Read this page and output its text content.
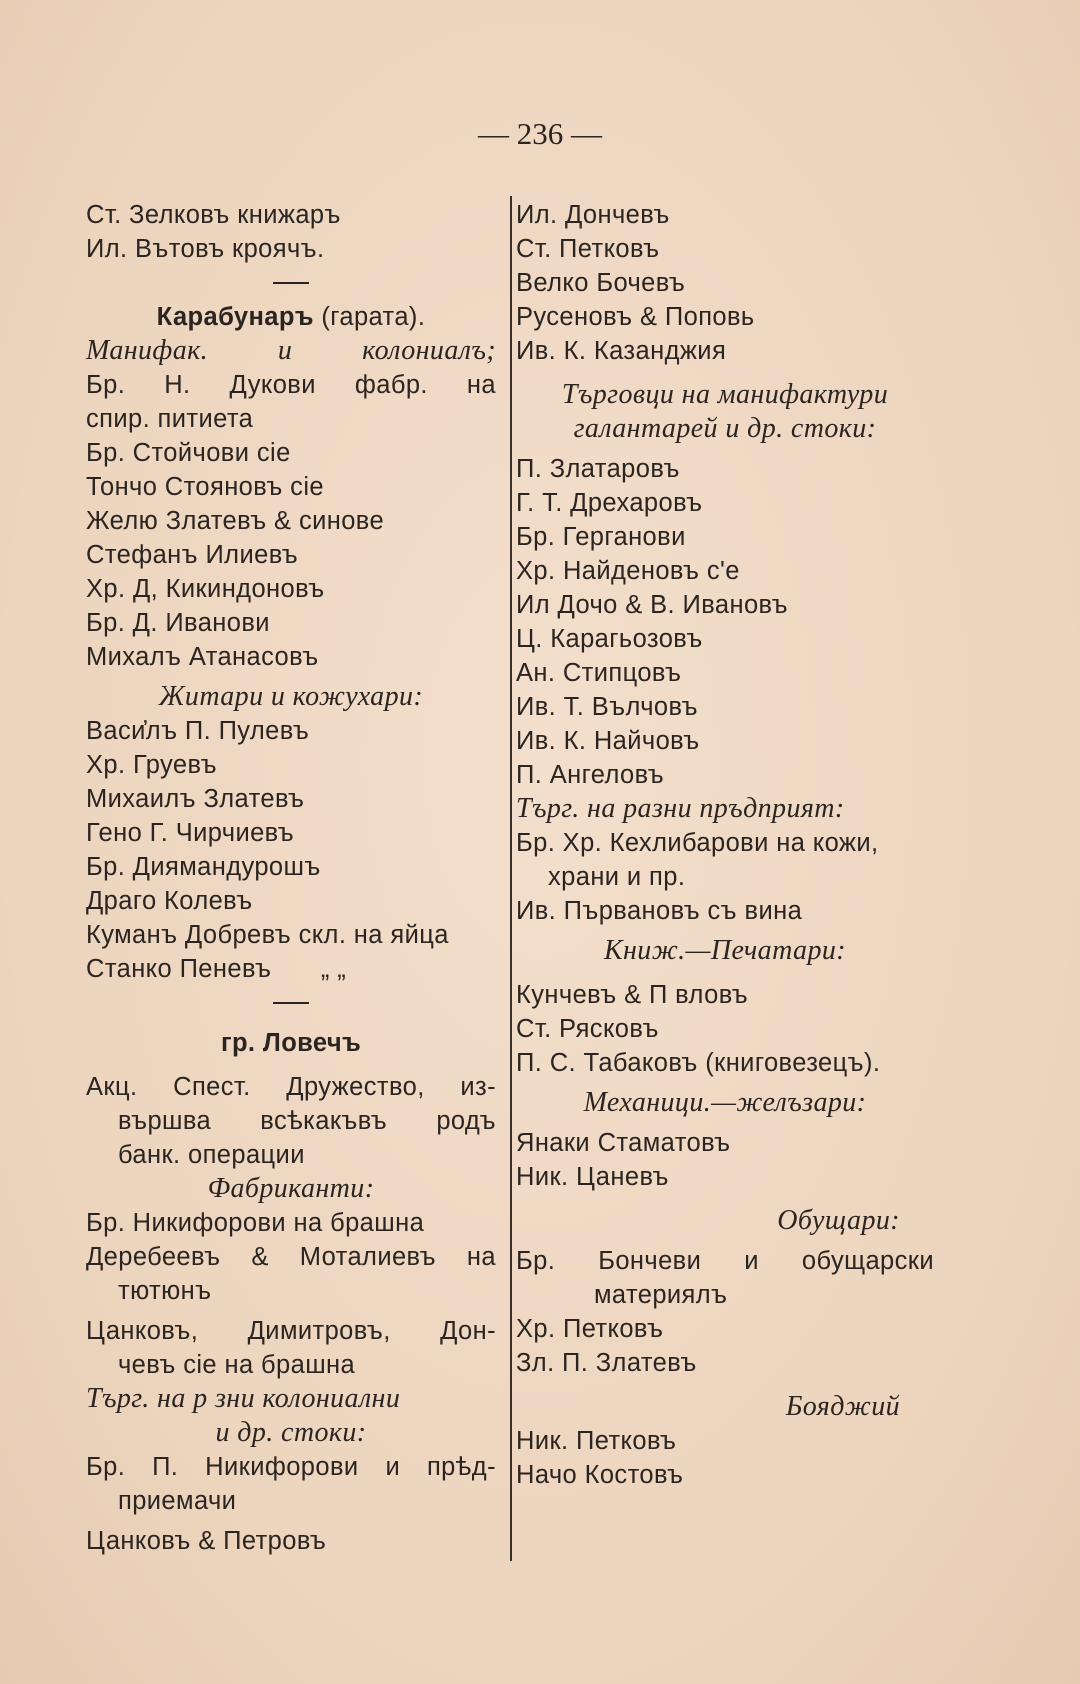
— 236 —
Ст. Зелковъ книжаръ
Ил. Вътовъ кроячъ.
Карабунаръ (гарата).
Манифак. и колониалъ;
Бр. Н. Дукови фабр. на
спир. питиета
Бр. Стойчови сіе
Тончо Стояновъ сіе
Желю Златевъ & синове
Стефанъ Илиевъ
Хр. Д, Кикиндоновъ
Бр. Д. Иванови
Михалъ Атанасовъ
Житари и кожухари:
Васи҆лъ П. Пулевъ
Хр. Груевъ
Михаилъ Златевъ
Гено Г. Чирчиевъ
Бр. Диямандурошъ
Драго Колевъ
Куманъ Добревъ скл. на яйца
Станко Пеневъ „ „
гр. Ловечъ
Акц. Спест. Дружество, из-
вършва всѣкакъвъ родъ
банк. операции
Фабриканти:
Бр. Никифорови на брашна
Деребеевъ & Моталиевъ на
тютюнъ
Цанковъ, Димитровъ, Дон-
чевъ сіе на брашна
Търг. на р зни колониални
и др. стоки:
Бр. П. Никифорови и прѣд-
приемачи
Цанковъ & Петровъ
Ил. Дончевъ
Ст. Петковъ
Велко Бочевъ
Русеновъ & Поповь
Ив. К. Казанджия
Търговци на манифактури
галантарей и др. стоки:
П. Златаровъ
Г. Т. Дрехаровъ
Бр. Герганови
Хр. Найденовъ с'е
Ил Дочо & В. Ивановъ
Ц. Карагьозовъ
Ан. Стипцовъ
Ив. Т. Вълчовъ
Ив. К. Найчовъ
П. Ангеловъ
Търг. на разни пръдприят:
Бр. Хр. Кехлибарови на кожи,
храни и пр.
Ив. Първановъ съ вина
Книж.—Печатари:
Кунчевъ & П вловъ
Ст. Рясковъ
П. С. Табаковъ (книговезецъ).
Механици.—желъзари:
Янаки Стаматовъ
Ник. Цаневъ
Обущари:
Бр. Бончеви и обущарски
материялъ
Хр. Петковъ
Зл. П. Златевъ
Бояджий
Ник. Петковъ
Начо Костовъ
